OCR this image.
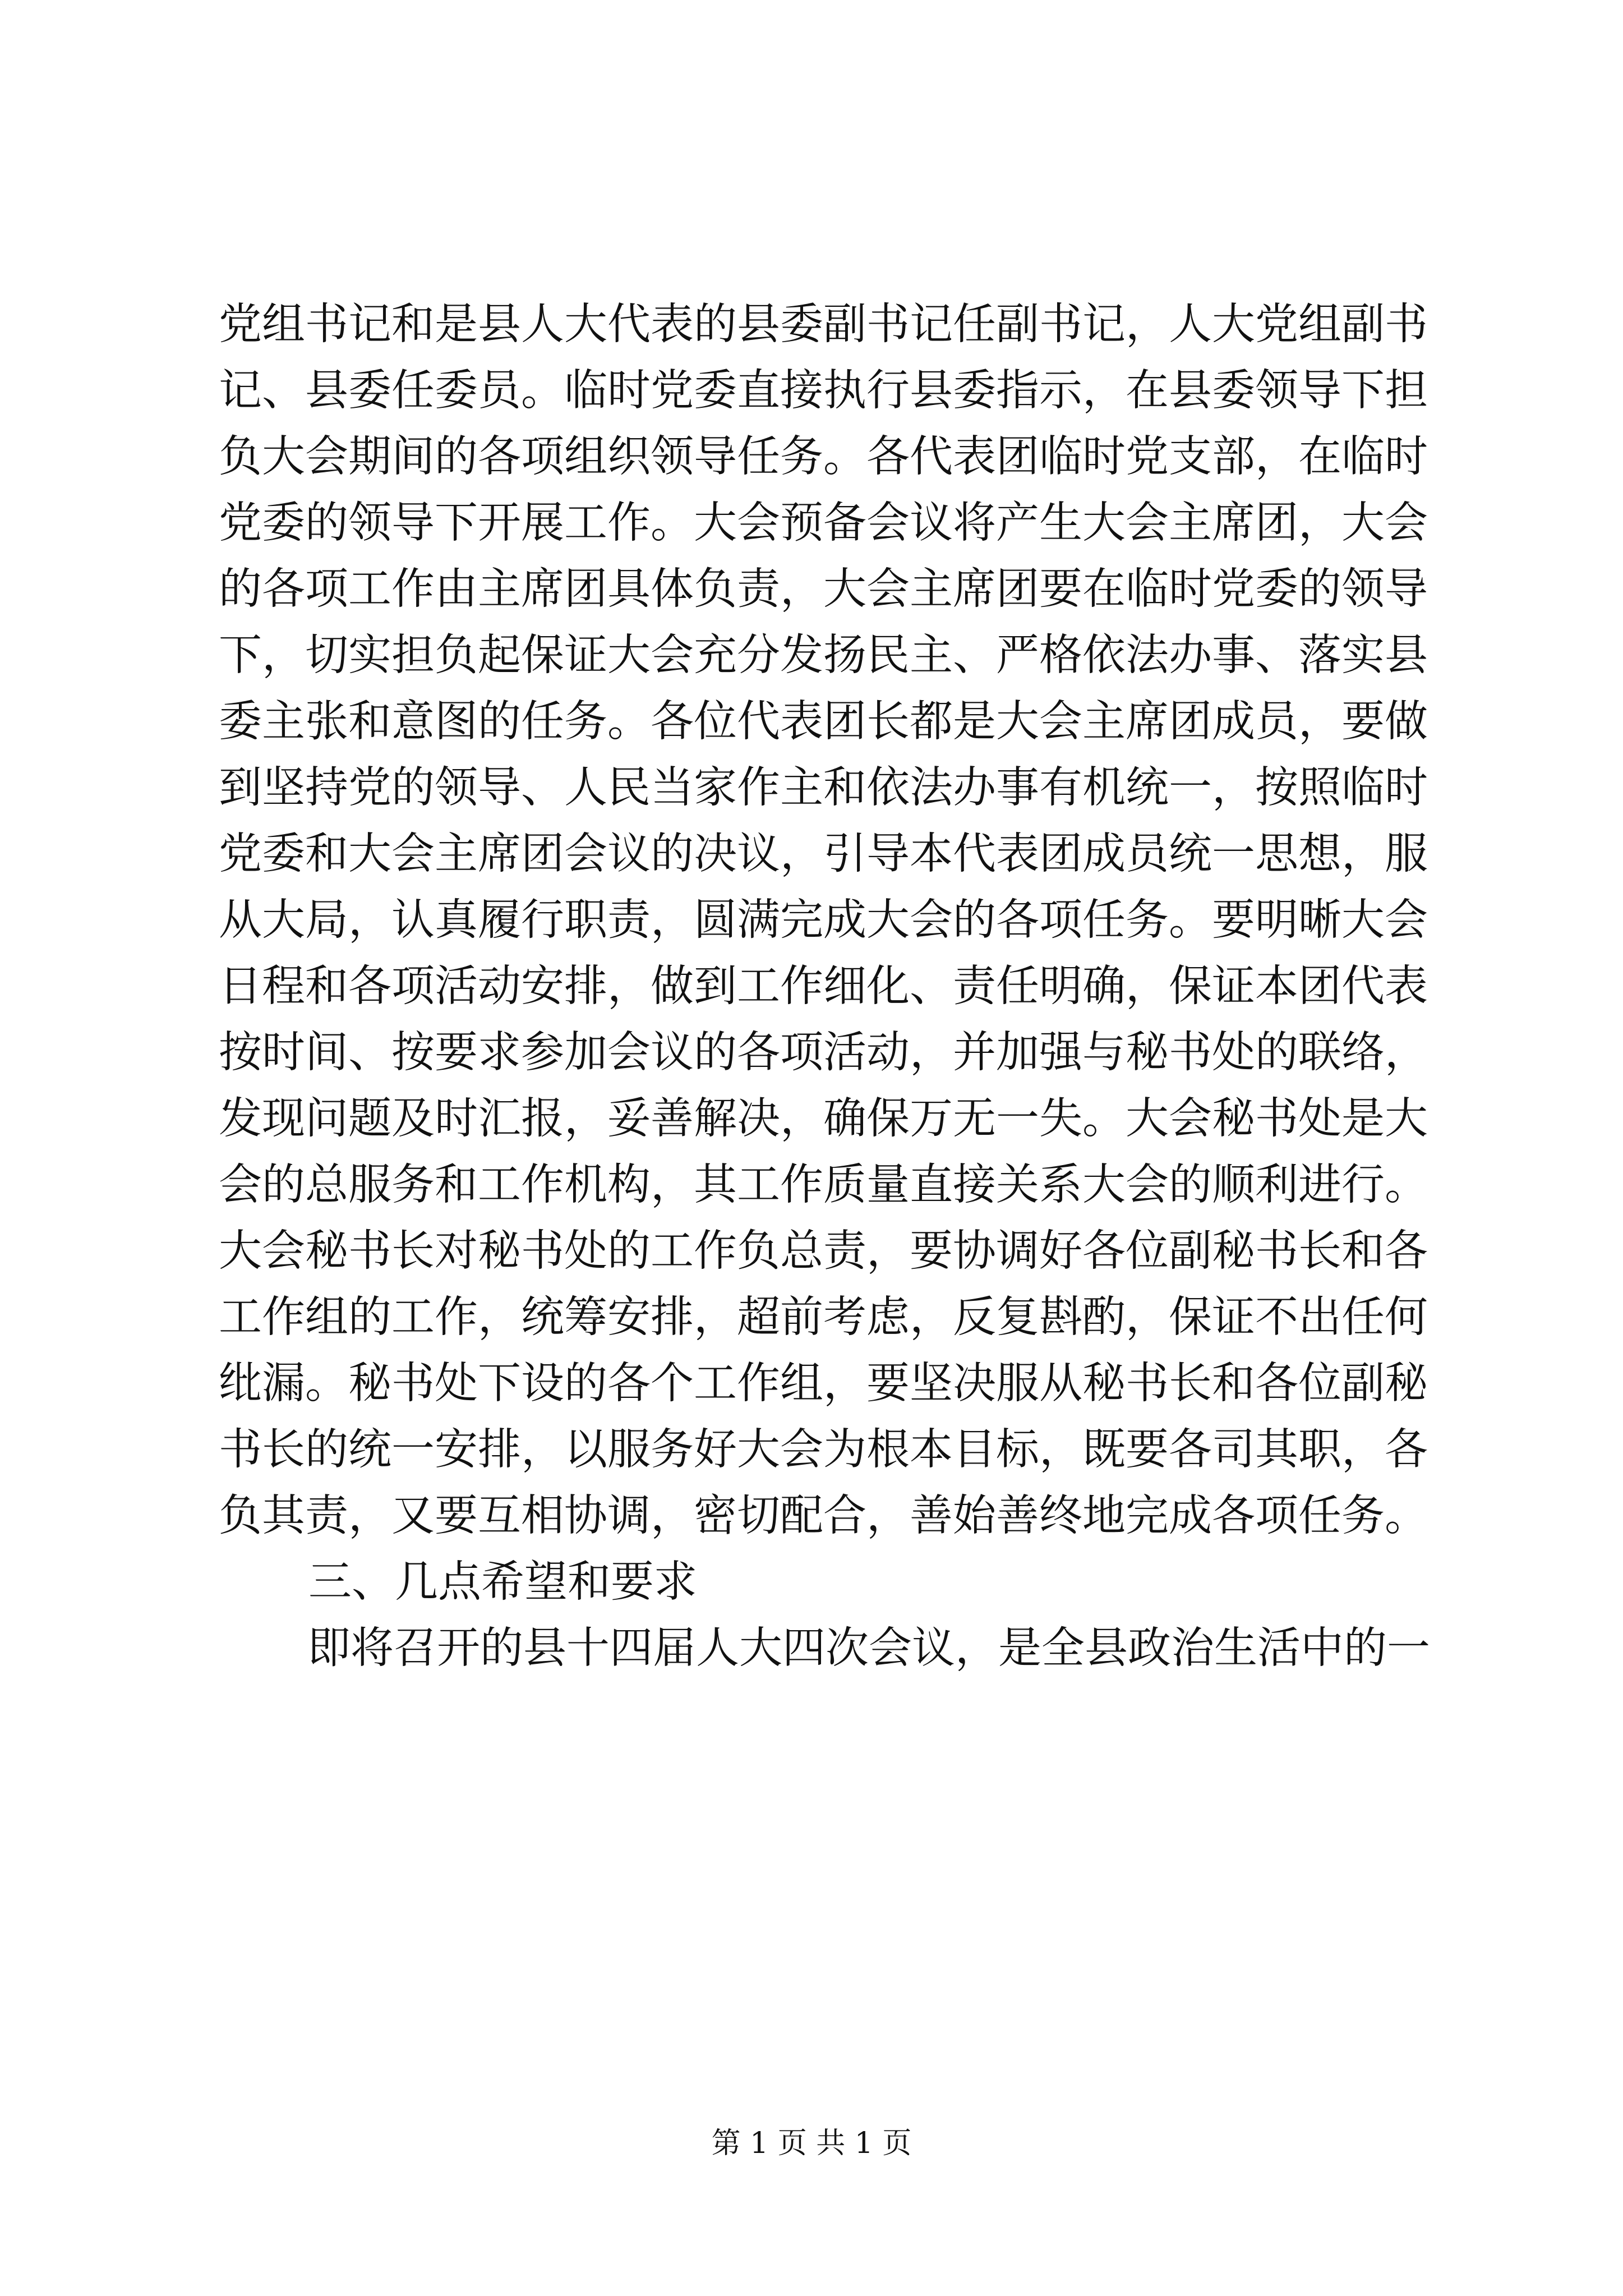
党组书记和是县人大代表的县委副书记任副书记，人大党组副书
记、县委任委员。临时党委直接执行县委指示，在县委领导下担
负大会期间的各项组织领导任务。各代表团临时党支部，在临时
党委的领导下开展工作。大会预备会议将产生大会主席团，大会
的各项工作由主席团具体负责，大会主席团要在临时党委的领导
下，切实担负起保证大会充分发扬民主、严格依法办事、落实县
委主张和意图的任务。各位代表团长都是大会主席团成员，要做
到坚持党的领导、人民当家作主和依法办事有机统一，按照临时
党委和大会主席团会议的决议，引导本代表团成员统一思想，服
从大局，认真履行职责，圆满完成大会的各项任务。要明晰大会
日程和各项活动安排，做到工作细化、责任明确，保证本团代表
按时间、按要求参加会议的各项活动，并加强与秘书处的联络，
发现问题及时汇报，妥善解决，确保万无一失。大会秘书处是大
会的总服务和工作机构，其工作质量直接关系大会的顺利进行。
大会秘书长对秘书处的工作负总责，要协调好各位副秘书长和各
工作组的工作，统筹安排，超前考虑，反复斟酌，保证不出任何
纰漏。秘书处下设的各个工作组，要坚决服从秘书长和各位副秘
书长的统一安排，以服务好大会为根本目标，既要各司其职，各
负其责，又要互相协调，密切配合，善始善终地完成各项任务。
三、几点希望和要求
即将召开的县十四届人大四次会议，是全县政治生活中的一
第 1 页 共 1 页
